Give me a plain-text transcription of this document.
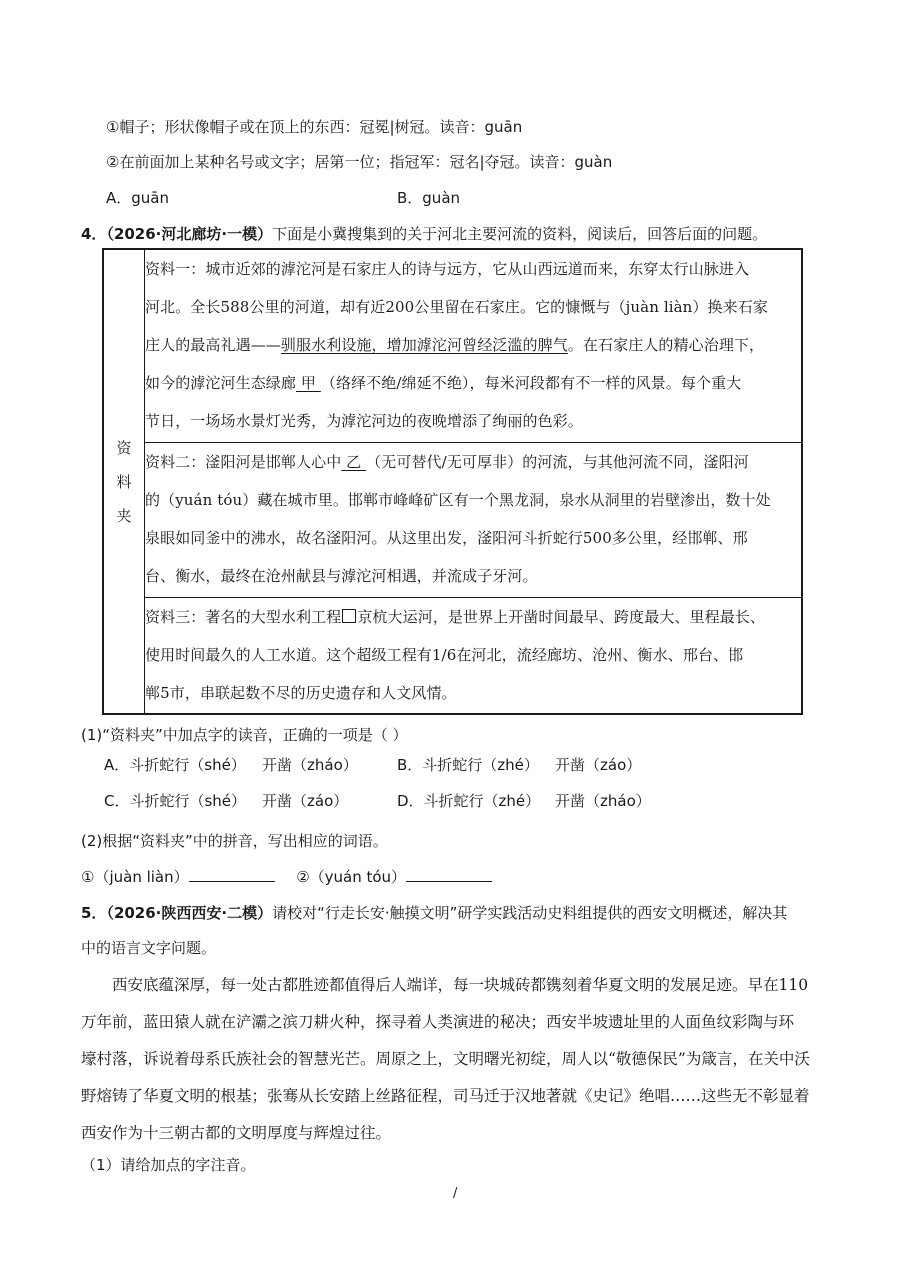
①帽子；形状像帽子或在顶上的东西：冠冕|树冠。读音：guān
②在前面加上某种名号或文字；居第一位；指冠军：冠名|夺冠。读音：guàn
A．guān	B．guàn
4．（2026·河北廊坊·一模）下面是小冀搜集到的关于河北主要河流的资料，阅读后，回答后面的问题。
资
料
夹	
资料一：城市近郊的滹沱河是石家庄人的诗与远方，它从山西远道而来，东穿太行山脉进入
河北。全长588公里的河道，却有近200公里留在石家庄。它的慷慨与（juàn liàn）换来石家
庄人的最高礼遇——驯服水利设施，增加滹沱河曾经泛滥的脾气。在石家庄人的精心治理下，
如今的滹沱河生态绿廊 甲 （络绎不绝/绵延不绝），每米河段都有不一样的风景。每个重大
节日，一场场水景灯光秀，为滹沱河边的夜晚增添了绚丽的色彩。

资料二：滏阳河是邯郸人心中 乙 （无可替代/无可厚非）的河流，与其他河流不同，滏阳河
的（yuán tóu）藏在城市里。邯郸市峰峰矿区有一个黑龙洞，泉水从洞里的岩壁渗出，数十处
泉眼如同釜中的沸水，故名滏阳河。从这里出发，滏阳河斗折蛇行500多公里，经邯郸、邢
台、衡水，最终在沧州献县与滹沱河相遇，并流成子牙河。

资料三：著名的大型水利工程 京杭大运河，是世界上开凿时间最早、跨度最大、里程最长、
使用时间最久的人工水道。这个超级工程有1/6在河北，流经廊坊、沧州、衡水、邢台、邯
郸5市，串联起数不尽的历史遗存和人文风情。
(1)“资料夹”中加点字的读音，正确的一项是（ ）
A．斗折蛇行（shé） 开凿（zháo）	B．斗折蛇行（zhé） 开凿（záo）
C．斗折蛇行（shé） 开凿（záo）	D．斗折蛇行（zhé） 开凿（zháo）
(2)根据“资料夹”中的拼音，写出相应的词语。
①（juàn liàn）	②（yuán tóu）
5．（2026·陕西西安·二模）请校对“行走长安·触摸文明”研学实践活动史料组提供的西安文明概述，解决其
中的语言文字问题。
西安底蕴深厚，每一处古都胜迹都值得后人端详，每一块城砖都镌刻着华夏文明的发展足迹。早在110
万年前，蓝田猿人就在浐灞之滨刀耕火种，探寻着人类演进的秘决；西安半坡遗址里的人面鱼纹彩陶与环
壕村落，诉说着母系氏族社会的智慧光芒。周原之上，文明曙光初绽，周人以“敬德保民”为箴言，在关中沃
野熔铸了华夏文明的根基；张骞从长安踏上丝路征程，司马迁于汉地著就《史记》绝唱……这些无不彰显着
西安作为十三朝古都的文明厚度与辉煌过往。
（1）请给加点的字注音。
/
